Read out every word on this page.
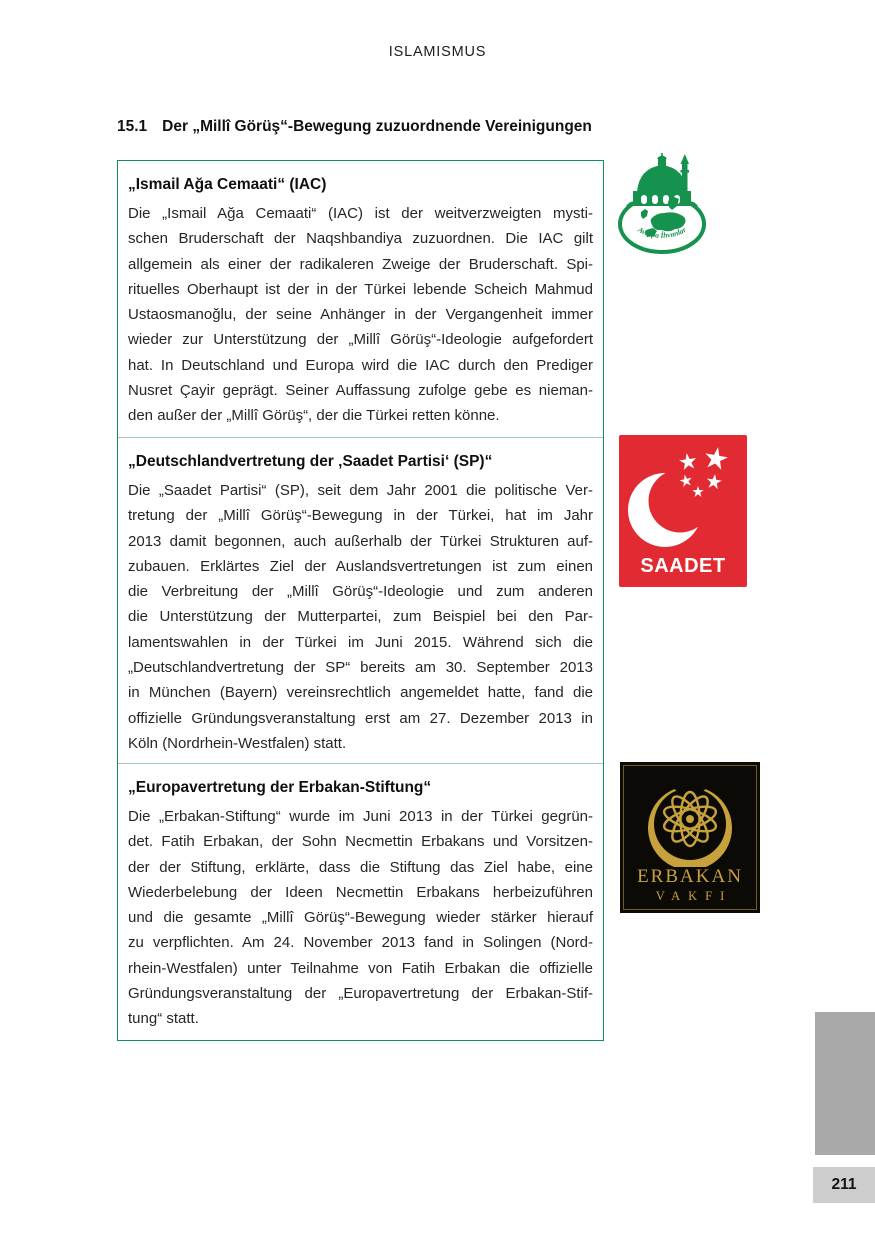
ISLAMISMUS
15.1 Der „Millî Görüş“-Bewegung zuzuordnende Vereinigungen
„Ismail Ağa Cemaati“ (IAC)
Die „Ismail Ağa Cemaati“ (IAC) ist der weitverzweigten mysti-
schen Bruderschaft der Naqshbandiya zuzuordnen. Die IAC gilt
allgemein als einer der radikaleren Zweige der Bruderschaft. Spi-
rituelles Oberhaupt ist der in der Türkei lebende Scheich Mahmud
Ustaosmanoğlu, der seine Anhänger in der Vergangenheit immer
wieder zur Unterstützung der „Millî Görüş“-Ideologie aufgefordert
hat. In Deutschland und Europa wird die IAC durch den Prediger
Nusret Çayir geprägt. Seiner Auffassung zufolge gebe es nieman-
den außer der „Millî Görüş“, der die Türkei retten könne.
„Deutschlandvertretung der ‚Saadet Partisi‘ (SP)“
Die „Saadet Partisi“ (SP), seit dem Jahr 2001 die politische Ver-
tretung der „Millî Görüş“-Bewegung in der Türkei, hat im Jahr
2013 damit begonnen, auch außerhalb der Türkei Strukturen auf-
zubauen. Erklärtes Ziel der Auslandsvertretungen ist zum einen
die Verbreitung der „Millî Görüş“-Ideologie und zum anderen
die Unterstützung der Mutterpartei, zum Beispiel bei den Par-
lamentswahlen in der Türkei im Juni 2015. Während sich die
„Deutschlandvertretung der SP“ bereits am 30. September 2013
in München (Bayern) vereinsrechtlich angemeldet hatte, fand die
offizielle Gründungsveranstaltung erst am 27. Dezember 2013 in
Köln (Nordrhein-Westfalen) statt.
„Europavertretung der Erbakan-Stiftung“
Die „Erbakan-Stiftung“ wurde im Juni 2013 in der Türkei gegrün-
det. Fatih Erbakan, der Sohn Necmettin Erbakans und Vorsitzen-
der der Stiftung, erklärte, dass die Stiftung das Ziel habe, eine
Wiederbelebung der Ideen Necmettin Erbakans herbeizuführen
und die gesamte „Millî Görüş“-Bewegung wieder stärker hierauf
zu verpflichten. Am 24. November 2013 fand in Solingen (Nord-
rhein-Westfalen) unter Teilnahme von Fatih Erbakan die offizielle
Gründungsveranstaltung der „Europavertretung der Erbakan-Stif-
tung“ statt.
Avrupa İhvanlar
SAADET
ERBAKAN
VAKFI
211
